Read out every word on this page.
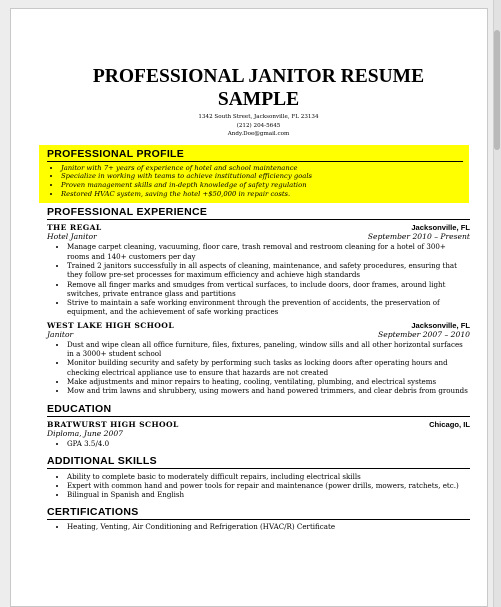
PROFESSIONAL JANITOR RESUME
SAMPLE
1342 South Street, Jacksonville, FL 23134
(212) 204-5645
Andy.Doe@gmail.com
PROFESSIONAL PROFILE
• Janitor with 7+ years of experience of hotel and school maintenance
• Specialize in working with teams to achieve institutional efficiency goals
• Proven management skills and in-depth knowledge of safety regulation
• Restored HVAC system, saving the hotel +$50,000 in repair costs.
PROFESSIONAL EXPERIENCE
THE REGAL	Jacksonville, FL
Hotel Janitor	September 2010 – Present
• Manage carpet cleaning, vacuuming, floor care, trash removal and restroom cleaning for a hotel of 300+ rooms and 140+ customers per day
• Trained 2 janitors successfully in all aspects of cleaning, maintenance, and safety procedures, ensuring that they follow pre-set processes for maximum efficiency and achieve high standards
• Remove all finger marks and smudges from vertical surfaces, to include doors, door frames, around light switches, private entrance glass and partitions
• Strive to maintain a safe working environment through the prevention of accidents, the preservation of equipment, and the achievement of safe working practices
WEST LAKE HIGH SCHOOL	Jacksonville, FL
Janitor	September 2007 – 2010
• Dust and wipe clean all office furniture, files, fixtures, paneling, window sills and all other horizontal surfaces in a 3000+ student school
• Monitor building security and safety by performing such tasks as locking doors after operating hours and checking electrical appliance use to ensure that hazards are not created
• Make adjustments and minor repairs to heating, cooling, ventilating, plumbing, and electrical systems
• Mow and trim lawns and shrubbery, using mowers and hand powered trimmers, and clear debris from grounds
EDUCATION
BRATWURST HIGH SCHOOL	Chicago, IL
Diploma, June 2007
• GPA 3.5/4.0
ADDITIONAL SKILLS
• Ability to complete basic to moderately difficult repairs, including electrical skills
• Expert with common hand and power tools for repair and maintenance (power drills, mowers, ratchets, etc.)
• Bilingual in Spanish and English
CERTIFICATIONS
• Heating, Venting, Air Conditioning and Refrigeration (HVAC/R) Certificate
